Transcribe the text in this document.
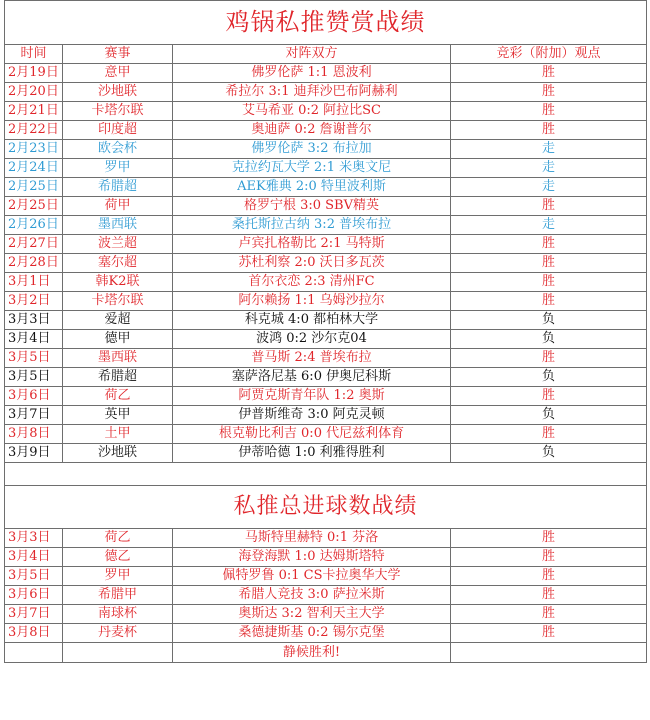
鸡锅私推赞赏战绩			
时间	赛事	对阵双方	竞彩（附加）观点
2月19日	意甲	佛罗伦萨 1:1 恩波利	胜
2月20日	沙地联	希拉尔 3:1 迪拜沙巴布阿赫利	胜
2月21日	卡塔尔联	艾马希亚 0:2 阿拉比SC	胜
2月22日	印度超	奥迪萨 0:2 詹谢普尔	胜
2月23日	欧会杯	佛罗伦萨 3:2 布拉加	走
2月24日	罗甲	克拉约瓦大学 2:1 米奥文尼	走
2月25日	希腊超	AEK雅典 2:0 特里波利斯	走
2月25日	荷甲	格罗宁根 3:0 SBV精英	胜
2月26日	墨西联	桑托斯拉古纳 3:2 普埃布拉	走
2月27日	波兰超	卢宾扎格勒比 2:1 马特斯	胜
2月28日	塞尔超	苏杜利察 2:0 沃日多瓦茨	胜
3月1日	韩K2联	首尔衣恋 2:3 清州FC	胜
3月2日	卡塔尔联	阿尔赖扬 1:1 乌姆沙拉尔	胜
3月3日	爱超	科克城 4:0 都柏林大学	负
3月4日	德甲	波鸿 0:2 沙尔克04	负
3月5日	墨西联	普马斯 2:4 普埃布拉	胜
3月5日	希腊超	塞萨洛尼基 6:0 伊奥尼科斯	负
3月6日	荷乙	阿贾克斯青年队 1:2 奥斯	胜
3月7日	英甲	伊普斯维奇 3:0 阿克灵顿	负
3月8日	土甲	根克勒比利吉 0:0 代尼兹利体育	胜
3月9日	沙地联	伊蒂哈德 1:0 利雅得胜利	负

私推总进球数战绩			
3月3日	荷乙	马斯特里赫特 0:1 芬洛	胜
3月4日	德乙	海登海默 1:0 达姆斯塔特	胜
3月5日	罗甲	佩特罗鲁 0:1 CS卡拉奥华大学	胜
3月6日	希腊甲	希腊人竞技 3:0 萨拉米斯	胜
3月7日	南球杯	奥斯达 3:2 智利天主大学	胜
3月8日	丹麦杯	桑德捷斯基 0:2 锡尔克堡	胜
		静候胜利!	
